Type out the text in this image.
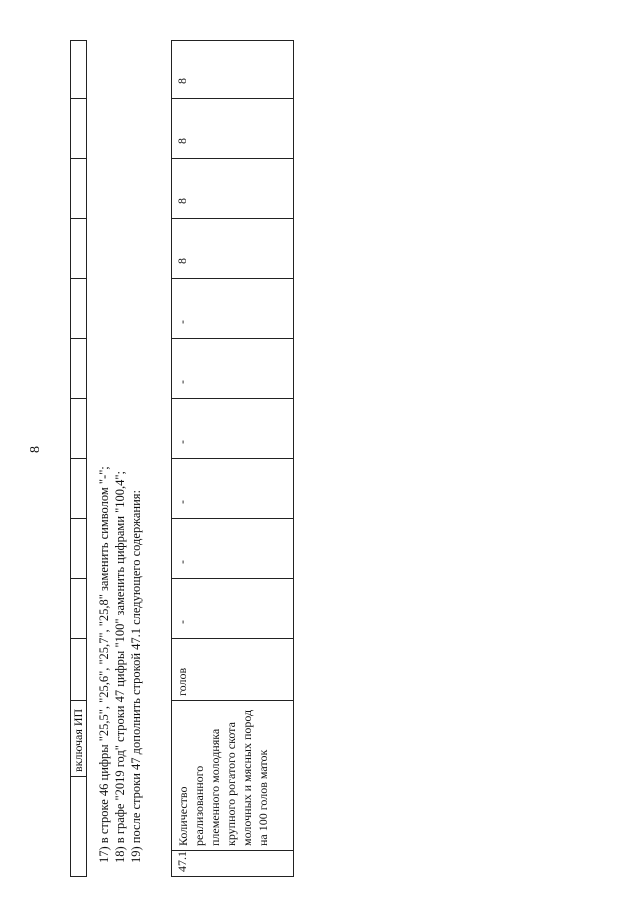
8
	включая ИП											17) в строке 46 цифры "25,5", "25,6", "25,7", "25,8" заменить символом "-"; 18) в графе "2019 год" строки 47 цифры "100" заменить цифрами "100,4"; 19) после строки 47 дополнить строкой 47.1 следующего содержания:	47.1	Количество реализованного племенного молодняка крупного рогатого скота молочных и мясных пород на 100 голов маток	голов	-	-	-	-	-	-	8	8	8	8
